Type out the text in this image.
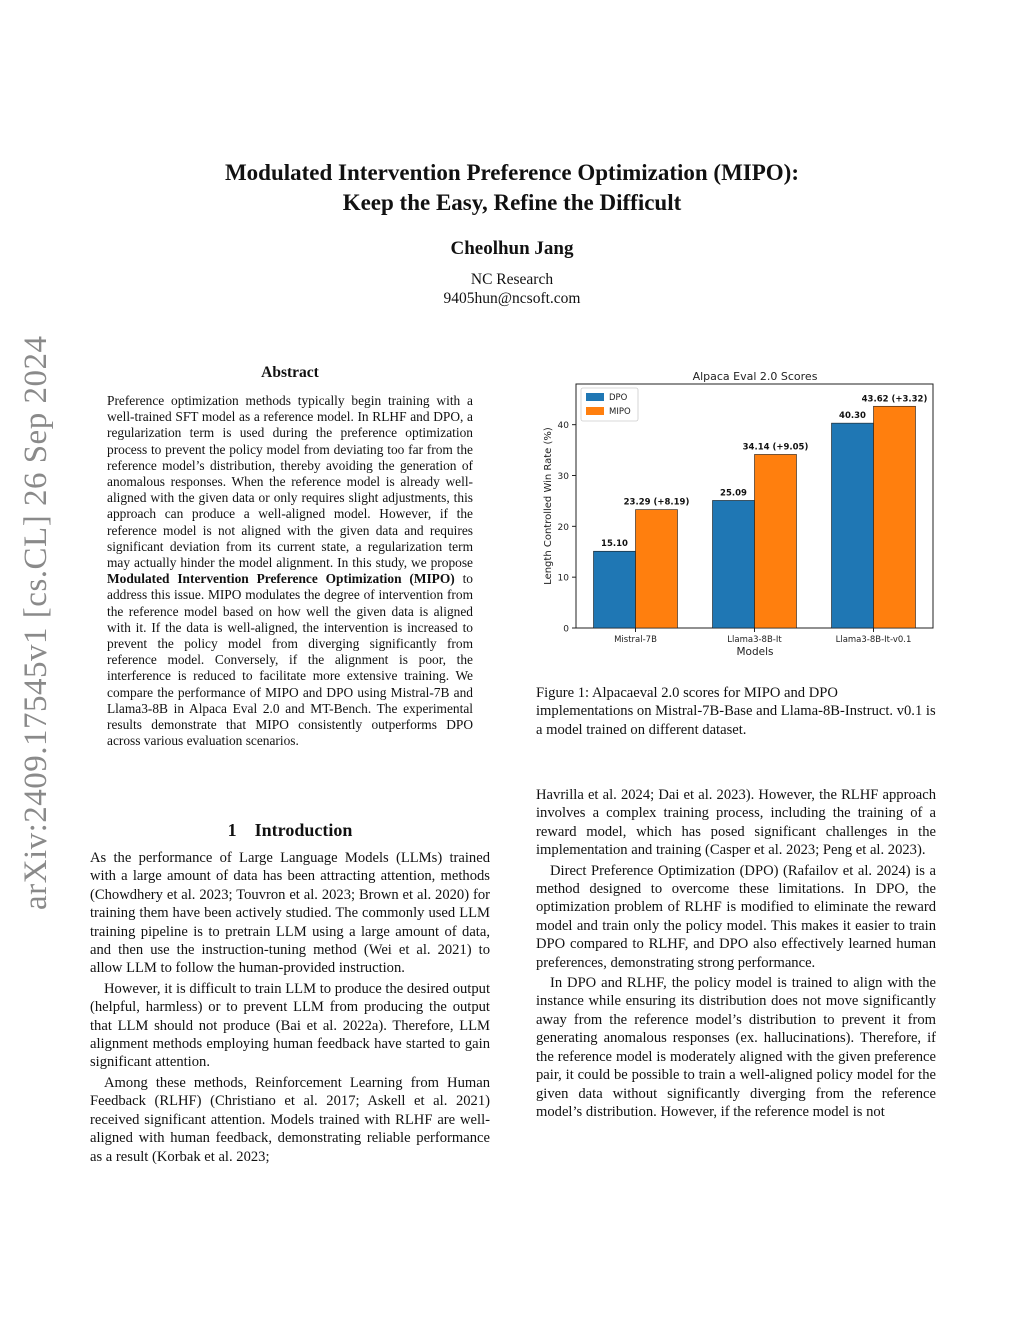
Modulated Intervention Preference Optimization (MIPO):
Keep the Easy, Refine the Difficult
Cheolhun Jang
NC Research
9405hun@ncsoft.com
arXiv:2409.17545v1 [cs.CL] 26 Sep 2024	Abstract
Preference optimization methods typically begin training with a well-trained SFT model as a reference model. In RLHF and DPO, a regularization term is used during the preference optimization process to prevent the policy model from deviating too far from the reference model’s distribution, thereby avoiding the generation of anomalous responses. When the reference model is already well-aligned with the given data or only requires slight adjustments, this approach can produce a well-aligned model. However, if the reference model is not aligned with the given data and requires significant deviation from its current state, a regularization term may actually hinder the model alignment. In this study, we propose Modulated Intervention Preference Optimization (MIPO) to address this issue. MIPO modulates the degree of intervention from the reference model based on how well the given data is aligned with it. If the data is well-aligned, the intervention is increased to prevent the policy model from diverging significantly from reference model. Conversely, if the alignment is poor, the interference is reduced to facilitate more extensive training. We compare the performance of MIPO and DPO using Mistral-7B and Llama3-8B in Alpaca Eval 2.0 and MT-Bench. The experimental results demonstrate that MIPO consistently outperforms DPO across various evaluation scenarios.
1 Introduction

As the performance of Large Language Models (LLMs) trained with a large amount of data has been attracting attention, methods (Chowdhery et al. 2023; Touvron et al. 2023; Brown et al. 2020) for training them have been actively studied. The commonly used LLM training pipeline is to pretrain LLM using a large amount of data, and then use the instruction-tuning method (Wei et al. 2021) to allow LLM to follow the human-provided instruction.

However, it is difficult to train LLM to produce the desired output (helpful, harmless) or to prevent LLM from producing the output that LLM should not produce (Bai et al. 2022a). Therefore, LLM alignment methods employing human feedback have started to gain significant attention.

Among these methods, Reinforcement Learning from Human Feedback (RLHF) (Christiano et al. 2017; Askell et al. 2021) received significant attention. Models trained with RLHF are well-aligned with human feedback, demonstrating reliable performance as a result (Korbak et al. 2023;

Alpaca Eval 2.0 Scores
0
10
20
30
40
15.10
23.29 (+8.19)
25.09
34.14 (+9.05)
40.30
43.62 (+3.32)
Mistral-7B	Llama3-8B-It	Llama3-8B-It-v0.1
Models
Length Controlled Win Rate (%)
DPO
MIPO
Figure 1: Alpacaeval 2.0 scores for MIPO and DPO implementations on Mistral-7B-Base and Llama-8B-Instruct. v0.1 is a model trained on different dataset.

Havrilla et al. 2024; Dai et al. 2023). However, the RLHF approach involves a complex training process, including the training of a reward model, which has posed significant challenges in the implementation and training (Casper et al. 2023; Peng et al. 2023).

Direct Preference Optimization (DPO) (Rafailov et al. 2024) is a method designed to overcome these limitations. In DPO, the optimization problem of RLHF is modified to eliminate the reward model and train only the policy model. This makes it easier to train DPO compared to RLHF, and DPO also effectively learned human preferences, demonstrating strong performance.

In DPO and RLHF, the policy model is trained to align with the instance while ensuring its distribution does not move significantly away from the reference model’s distribution to prevent it from generating anomalous responses (ex. hallucinations). Therefore, if the reference model is moderately aligned with the given preference pair, it could be possible to train a well-aligned policy model for the given data without significantly diverging from the reference model’s distribution. However, if the reference model is not
